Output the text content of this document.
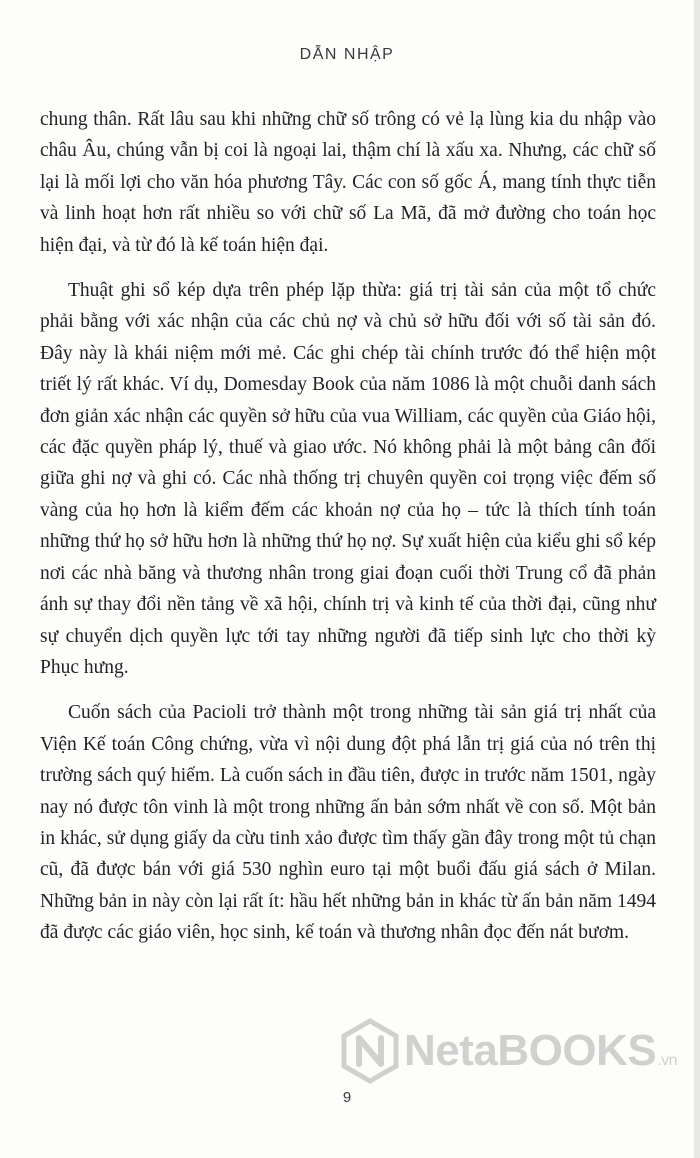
DẪN NHẬP

chung thân. Rất lâu sau khi những chữ số trông có vẻ lạ lùng kia du nhập vào châu Âu, chúng vẫn bị coi là ngoại lai, thậm chí là xấu xa. Nhưng, các chữ số lại là mối lợi cho văn hóa phương Tây. Các con số gốc Á, mang tính thực tiễn và linh hoạt hơn rất nhiều so với chữ số La Mã, đã mở đường cho toán học hiện đại, và từ đó là kế toán hiện đại.

Thuật ghi sổ kép dựa trên phép lặp thừa: giá trị tài sản của một tổ chức phải bằng với xác nhận của các chủ nợ và chủ sở hữu đối với số tài sản đó. Đây này là khái niệm mới mẻ. Các ghi chép tài chính trước đó thể hiện một triết lý rất khác. Ví dụ, Domesday Book của năm 1086 là một chuỗi danh sách đơn giản xác nhận các quyền sở hữu của vua William, các quyền của Giáo hội, các đặc quyền pháp lý, thuế và giao ước. Nó không phải là một bảng cân đối giữa ghi nợ và ghi có. Các nhà thống trị chuyên quyền coi trọng việc đếm số vàng của họ hơn là kiểm đếm các khoản nợ của họ – tức là thích tính toán những thứ họ sở hữu hơn là những thứ họ nợ. Sự xuất hiện của kiểu ghi sổ kép nơi các nhà băng và thương nhân trong giai đoạn cuối thời Trung cổ đã phản ánh sự thay đổi nền tảng về xã hội, chính trị và kinh tế của thời đại, cũng như sự chuyển dịch quyền lực tới tay những người đã tiếp sinh lực cho thời kỳ Phục hưng.

Cuốn sách của Pacioli trở thành một trong những tài sản giá trị nhất của Viện Kế toán Công chứng, vừa vì nội dung đột phá lẫn trị giá của nó trên thị trường sách quý hiếm. Là cuốn sách in đầu tiên, được in trước năm 1501, ngày nay nó được tôn vinh là một trong những ấn bản sớm nhất về con số. Một bản in khác, sử dụng giấy da cừu tinh xảo được tìm thấy gần đây trong một tủ chạn cũ, đã được bán với giá 530 nghìn euro tại một buổi đấu giá sách ở Milan. Những bản in này còn lại rất ít: hầu hết những bản in khác từ ấn bản năm 1494 đã được các giáo viên, học sinh, kế toán và thương nhân đọc đến nát bươm.

9
NetaBOOKS.vn
